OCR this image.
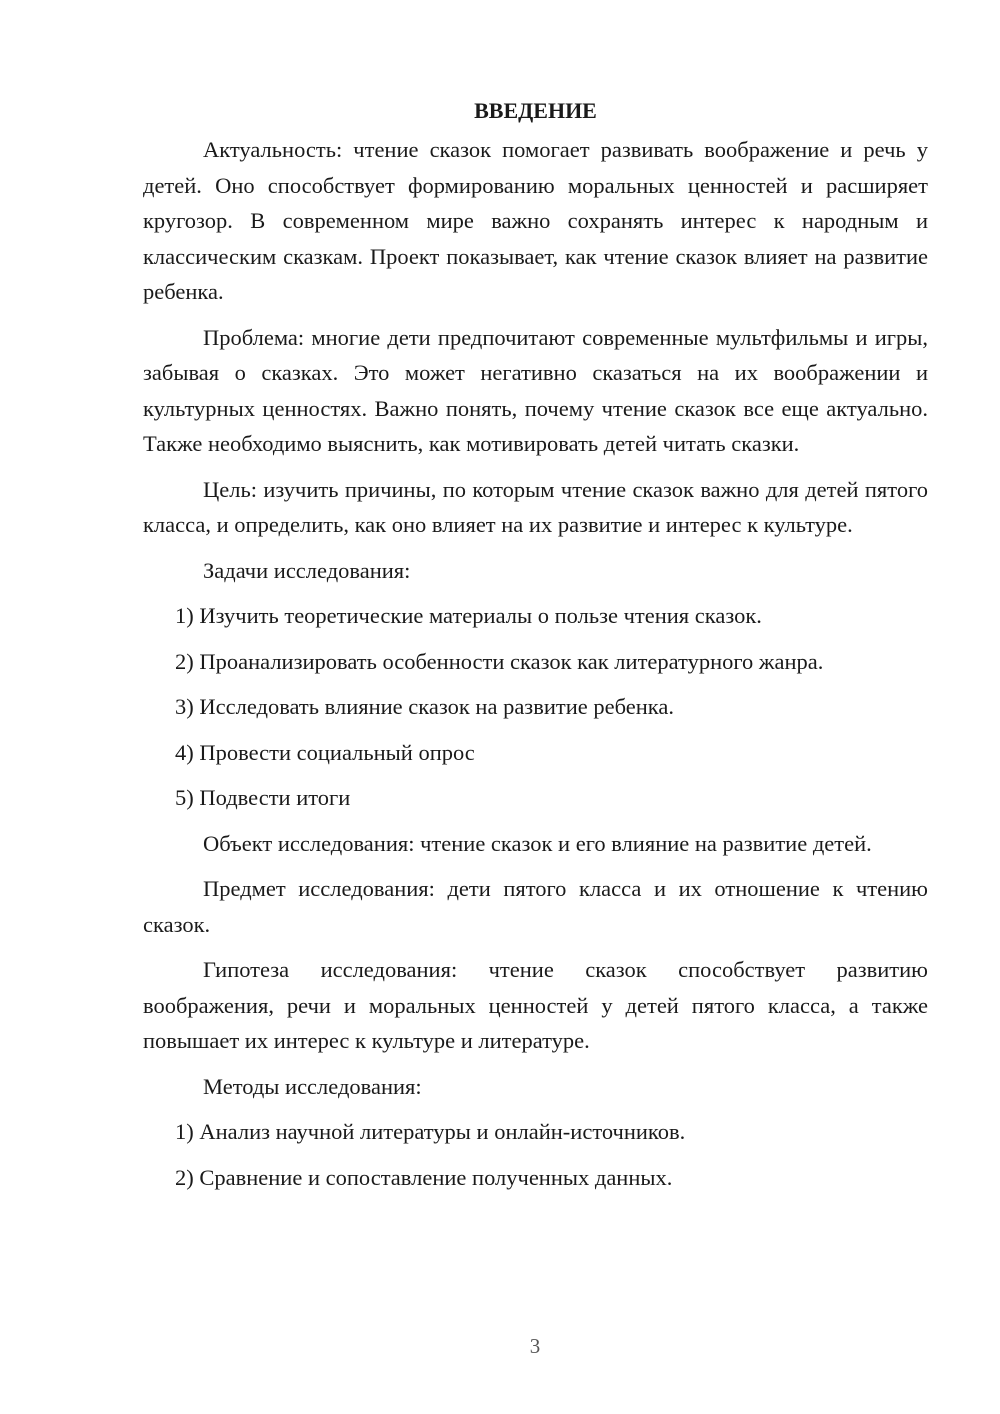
ВВЕДЕНИЕ

Актуальность: чтение сказок помогает развивать воображение и речь у детей. Оно способствует формированию моральных ценностей и расширяет кругозор. В современном мире важно сохранять интерес к народным и классическим сказкам. Проект показывает, как чтение сказок влияет на развитие ребенка.

Проблема: многие дети предпочитают современные мультфильмы и игры, забывая о сказках. Это может негативно сказаться на их воображении и культурных ценностях. Важно понять, почему чтение сказок все еще актуально. Также необходимо выяснить, как мотивировать детей читать сказки.

Цель: изучить причины, по которым чтение сказок важно для детей пятого класса, и определить, как оно влияет на их развитие и интерес к культуре.

Задачи исследования:

1) Изучить теоретические материалы о пользе чтения сказок.
2) Проанализировать особенности сказок как литературного жанра.
3) Исследовать влияние сказок на развитие ребенка.
4) Провести социальный опрос
5) Подвести итоги

Объект исследования: чтение сказок и его влияние на развитие детей.

Предмет исследования: дети пятого класса и их отношение к чтению сказок.

Гипотеза исследования: чтение сказок способствует развитию воображения, речи и моральных ценностей у детей пятого класса, а также повышает их интерес к культуре и литературе.

Методы исследования:

1) Анализ научной литературы и онлайн-источников.
2) Сравнение и сопоставление полученных данных.
3
